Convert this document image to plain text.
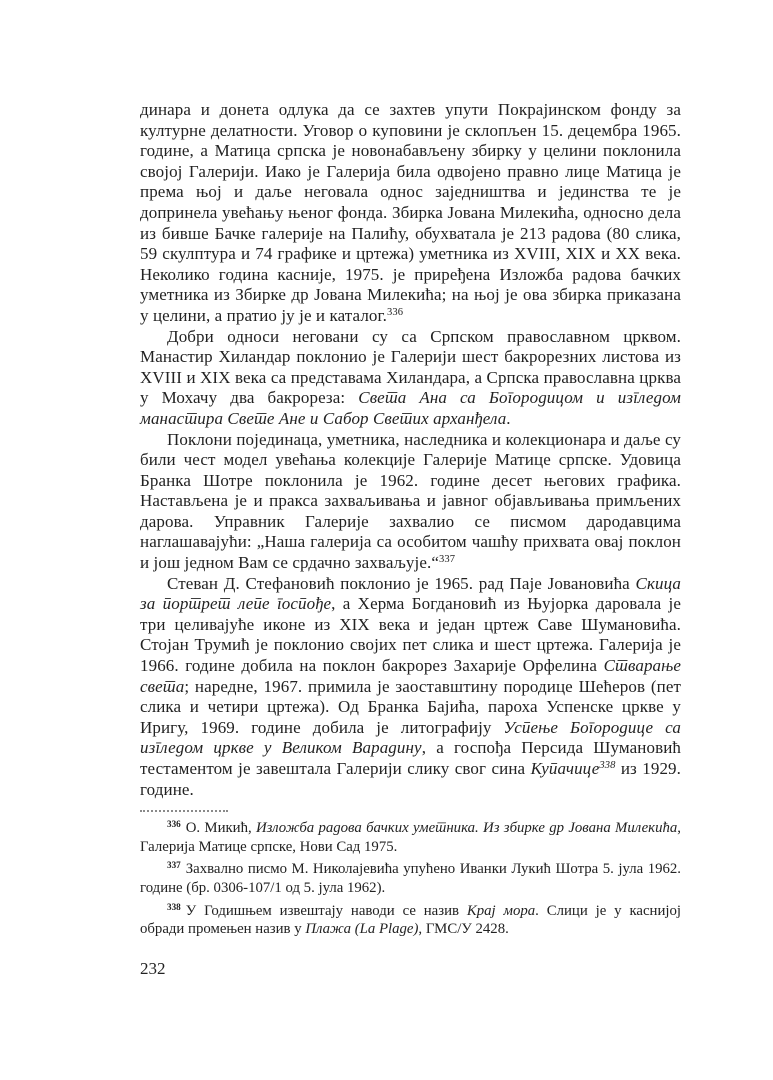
динара и донета одлука да се захтев упути Покрајинском фонду за културне делатности. Уговор о куповини је склопљен 15. децембра 1965. године, а Матица српска је новонабављену збирку у целини поклонила својој Галерији. Иако је Галерија била одвојено правно лице Матица је према њој и даље неговала однос заједништва и јединства те је допринела увећању њеног фонда. Збирка Јована Милекића, односно дела из бивше Бачке галерије на Палићу, обухватала је 213 радова (80 слика, 59 скулптура и 74 графике и цртежа) уметника из XVIII, XIX и XX века. Неколико година касније, 1975. је приређена Изложба радова бачких уметника из Збирке др Јована Милекића; на њој је ова збирка приказана у целини, а пратио ју је и каталог.$^{336}$

Добри односи неговани су са Српском православном црквом. Манастир Хиландар поклонио је Галерији шест бакрорезних листова из XVIII и XIX века са представама Хиландара, а Српска православна црква у Мохачу два бакрореза: Света Ана са Богородицом и изгледом манастира Свете Ане и Сабор Светих арханђела.

Поклони појединаца, уметника, наследника и колекционара и даље су били чест модел увећања колекције Галерије Матице српске. Удовица Бранка Шотре поклонила је 1962. године десет његових графика. Настављена је и пракса захваљивања и јавног објављивања примљених дарова. Управник Галерије захвалио се писмом дародавцима наглашавајући: „Наша галерија са особитом чашћу прихвата овај поклон и још једном Вам се срдачно захваљује.“$^{337}$

Стеван Д. Стефановић поклонио је 1965. рад Паје Јовановића Скица за портрет лепе госпође, а Херма Богдановић из Њујорка даровала је три целивајуће иконе из XIX века и један цртеж Саве Шумановића. Стојан Трумић је поклонио својих пет слика и шест цртежа. Галерија је 1966. године добила на поклон бакрорез Захарије Орфелина Стварање света; наредне, 1967. примила је заоставштину породице Шећеров (пет слика и четири цртежа). Од Бранка Бајића, пароха Успенске цркве у Иригу, 1969. године добила је литографију Успење Богородице са изгледом цркве у Великом Варадину, а госпођа Персида Шумановић тестаментом је завештала Галерији слику свог сина Купачице$^{338}$ из 1929. године.

$^{336}$ О. Микић, Изложба радова бачких уметника. Из збирке др Јована Милекића, Галерија Матице српске, Нови Сад 1975.

$^{337}$ Захвално писмо М. Николајевића упућено Иванки Лукић Шотра 5. јула 1962. године (бр. 0306-107/1 од 5. јула 1962).

$^{338}$ У Годишњем извештају наводи се назив Крај мора. Слици је у каснијој обради промењен назив у Плажа (La Plage), ГМС/У 2428.

232
